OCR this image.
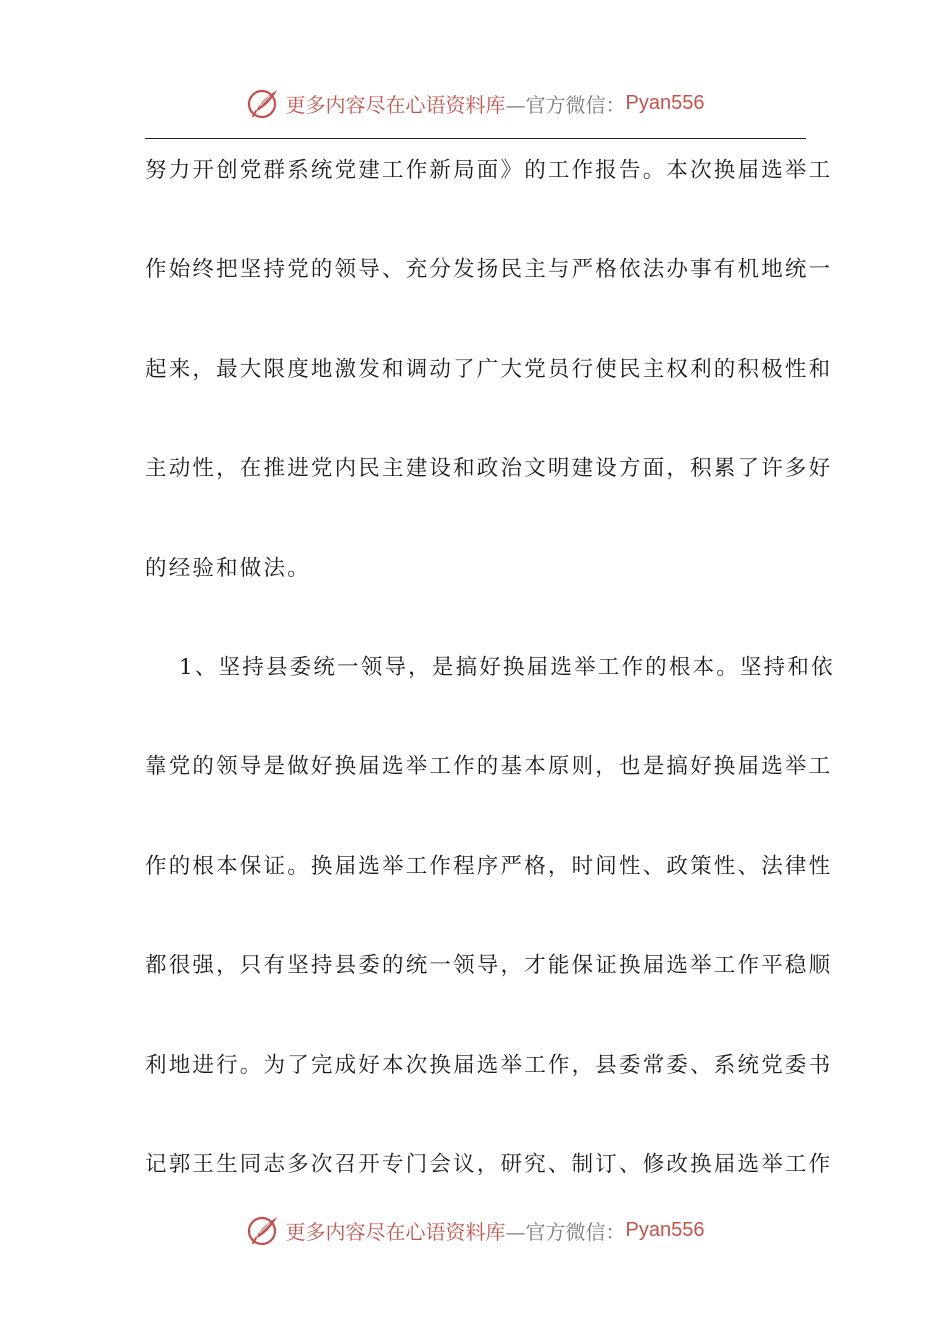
更多内容尽在心语资料库 —官方微信： Pyan556
努力开创党群系统党建工作新局面》的工作报告。本次换届选举工
作始终把坚持党的领导、充分发扬民主与严格依法办事有机地统一
起来，最大限度地激发和调动了广大党员行使民主权利的积极性和
主动性，在推进党内民主建设和政治文明建设方面，积累了许多好
的经验和做法。
1、坚持县委统一领导，是搞好换届选举工作的根本。坚持和依
靠党的领导是做好换届选举工作的基本原则，也是搞好换届选举工
作的根本保证。换届选举工作程序严格，时间性、政策性、法律性
都很强，只有坚持县委的统一领导，才能保证换届选举工作平稳顺
利地进行。为了完成好本次换届选举工作，县委常委、系统党委书
记郭王生同志多次召开专门会议，研究、制订、修改换届选举工作
更多内容尽在心语资料库 —官方微信： Pyan556
